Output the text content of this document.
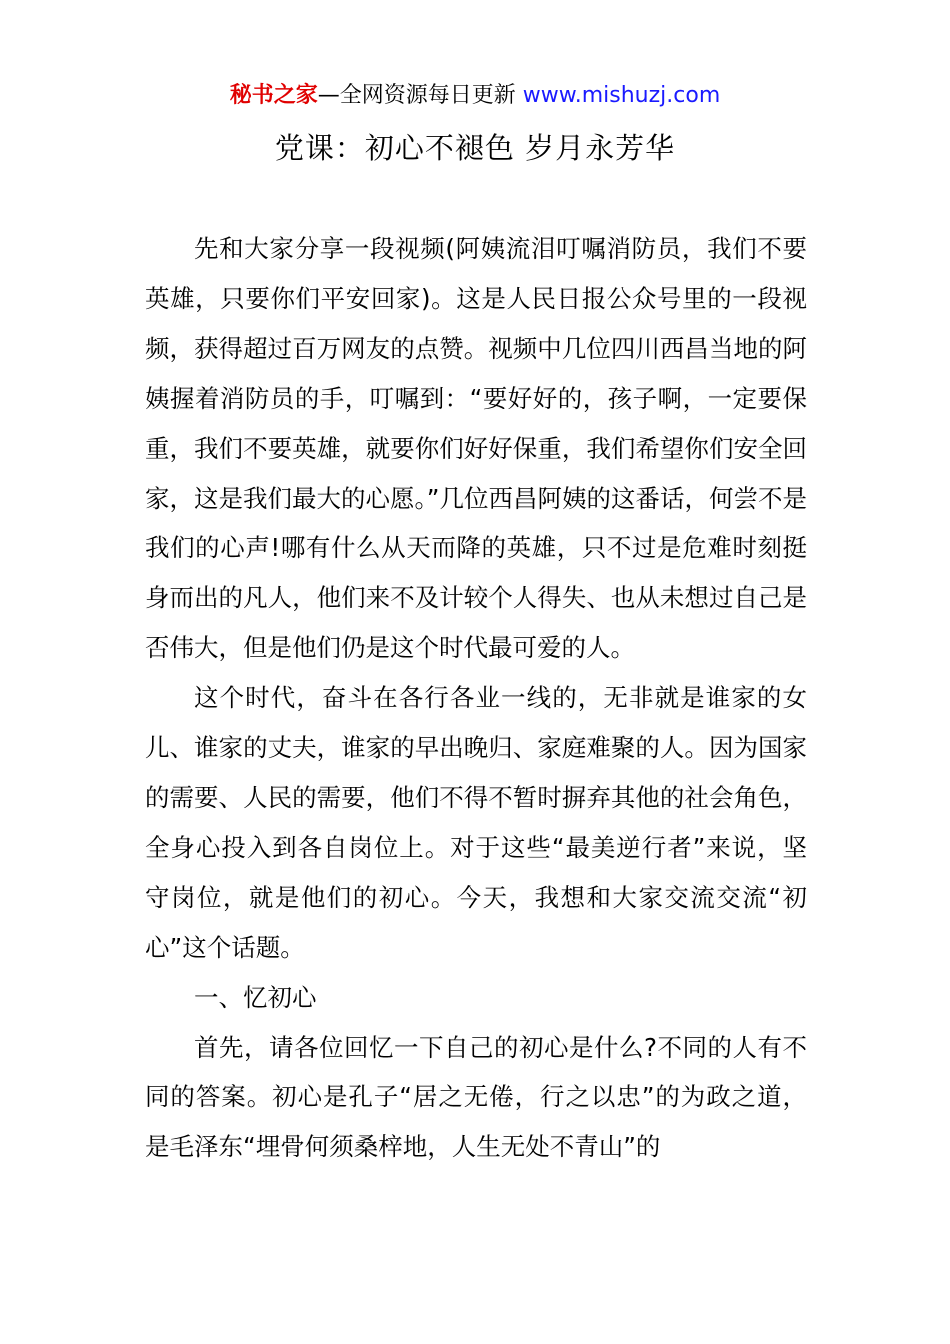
秘书之家—全网资源每日更新 www.mishuzj.com
党课：初心不褪色 岁月永芳华

先和大家分享一段视频(阿姨流泪叮嘱消防员，我们不要英雄，只要你们平安回家)。这是人民日报公众号里的一段视频，获得超过百万网友的点赞。视频中几位四川西昌当地的阿姨握着消防员的手，叮嘱到：“要好好的，孩子啊，一定要保重，我们不要英雄，就要你们好好保重，我们希望你们安全回家，这是我们最大的心愿。”几位西昌阿姨的这番话，何尝不是我们的心声!哪有什么从天而降的英雄，只不过是危难时刻挺身而出的凡人，他们来不及计较个人得失、也从未想过自己是否伟大，但是他们仍是这个时代最可爱的人。

这个时代，奋斗在各行各业一线的，无非就是谁家的女儿、谁家的丈夫，谁家的早出晚归、家庭难聚的人。因为国家的需要、人民的需要，他们不得不暂时摒弃其他的社会角色，全身心投入到各自岗位上。对于这些“最美逆行者”来说，坚守岗位，就是他们的初心。今天，我想和大家交流交流“初心”这个话题。

一、忆初心

首先，请各位回忆一下自己的初心是什么?不同的人有不同的答案。初心是孔子“居之无倦，行之以忠”的为政之道，是毛泽东“埋骨何须桑梓地，人生无处不青山”的
